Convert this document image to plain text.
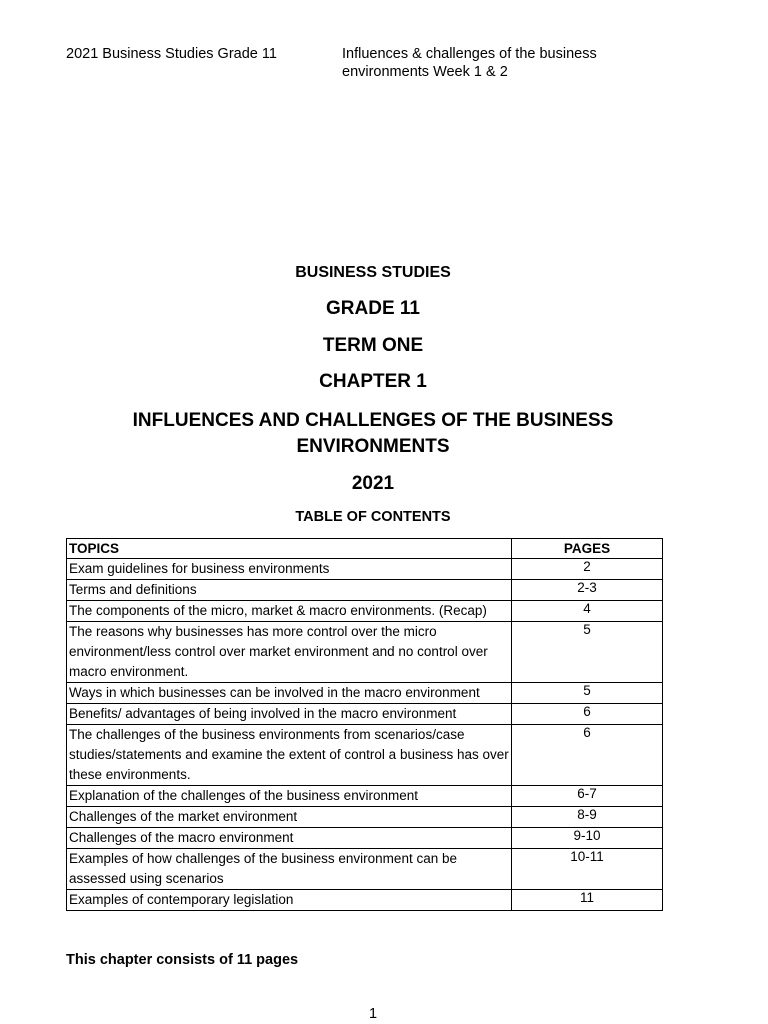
2021 Business Studies Grade 11	Influences & challenges of the business environments Week 1 & 2
BUSINESS STUDIES
GRADE 11
TERM ONE
CHAPTER 1
INFLUENCES AND CHALLENGES OF THE BUSINESS ENVIRONMENTS
2021
TABLE OF CONTENTS
TOPICS	PAGES
Exam guidelines for business environments	2
Terms and definitions	2-3
The components of the micro, market & macro environments. (Recap)	4
The reasons why businesses has more control over the micro environment/less control over market environment and no control over macro environment.	5
Ways in which businesses can be involved in the macro environment	5
Benefits/ advantages of being involved in the macro environment	6
The challenges of the business environments from scenarios/case studies/statements and examine the extent of control a business has over these environments.	6
Explanation of the challenges of the business environment	6-7
Challenges of the market environment	8-9
Challenges of the macro environment	9-10
Examples of how challenges of the business environment can be assessed using scenarios	10-11
Examples of contemporary legislation	11
This chapter consists of 11 pages
1
